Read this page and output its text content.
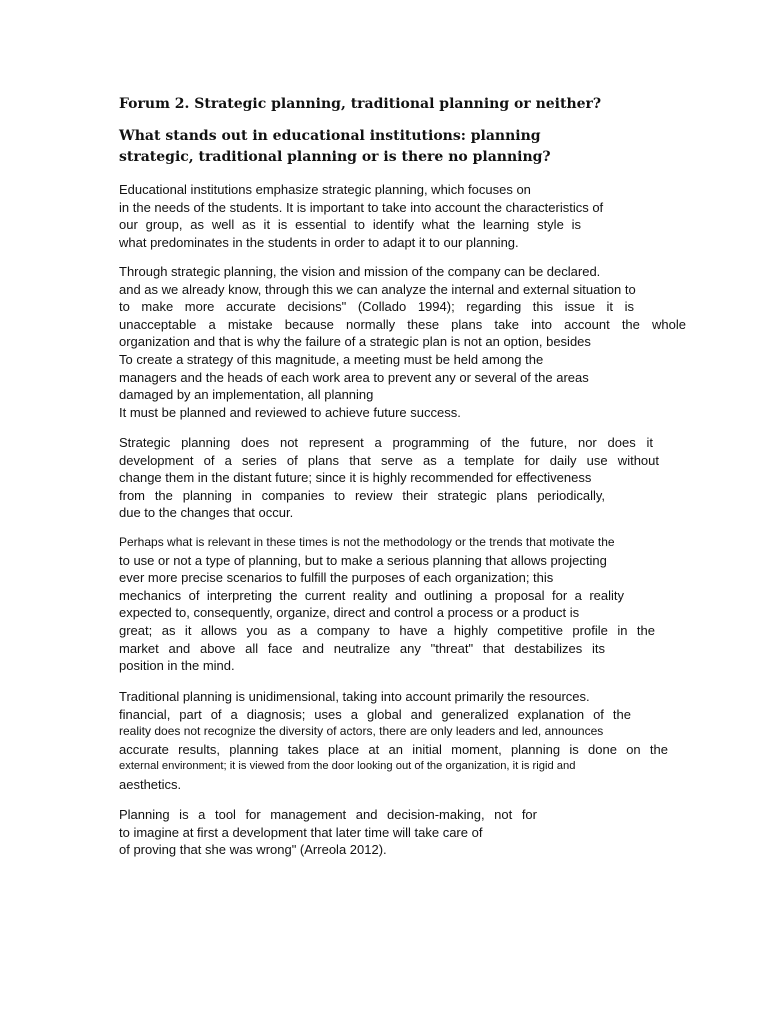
Forum 2. Strategic planning, traditional planning or neither?
What stands out in educational institutions: planning
strategic, traditional planning or is there no planning?
Educational institutions emphasize strategic planning, which focuses on
in the needs of the students. It is important to take into account the characteristics of
our group, as well as it is essential to identify what the learning style is
what predominates in the students in order to adapt it to our planning.
Through strategic planning, the vision and mission of the company can be declared.
and as we already know, through this we can analyze the internal and external situation to
to make more accurate decisions" (Collado 1994); regarding this issue it is
unacceptable a mistake because normally these plans take into account the whole
organization and that is why the failure of a strategic plan is not an option, besides
To create a strategy of this magnitude, a meeting must be held among the
managers and the heads of each work area to prevent any or several of the areas
damaged by an implementation, all planning
It must be planned and reviewed to achieve future success.
Strategic planning does not represent a programming of the future, nor does it
development of a series of plans that serve as a template for daily use without
change them in the distant future; since it is highly recommended for effectiveness
from the planning in companies to review their strategic plans periodically,
due to the changes that occur.
Perhaps what is relevant in these times is not the methodology or the trends that motivate the
to use or not a type of planning, but to make a serious planning that allows projecting
ever more precise scenarios to fulfill the purposes of each organization; this
mechanics of interpreting the current reality and outlining a proposal for a reality
expected to, consequently, organize, direct and control a process or a product is
great; as it allows you as a company to have a highly competitive profile in the
market and above all face and neutralize any "threat" that destabilizes its
position in the mind.
Traditional planning is unidimensional, taking into account primarily the resources.
financial, part of a diagnosis; uses a global and generalized explanation of the
reality does not recognize the diversity of actors, there are only leaders and led, announces
accurate results, planning takes place at an initial moment, planning is done on the
external environment; it is viewed from the door looking out of the organization, it is rigid and
aesthetics.
Planning is a tool for management and decision-making, not for
to imagine at first a development that later time will take care of
of proving that she was wrong" (Arreola 2012).
